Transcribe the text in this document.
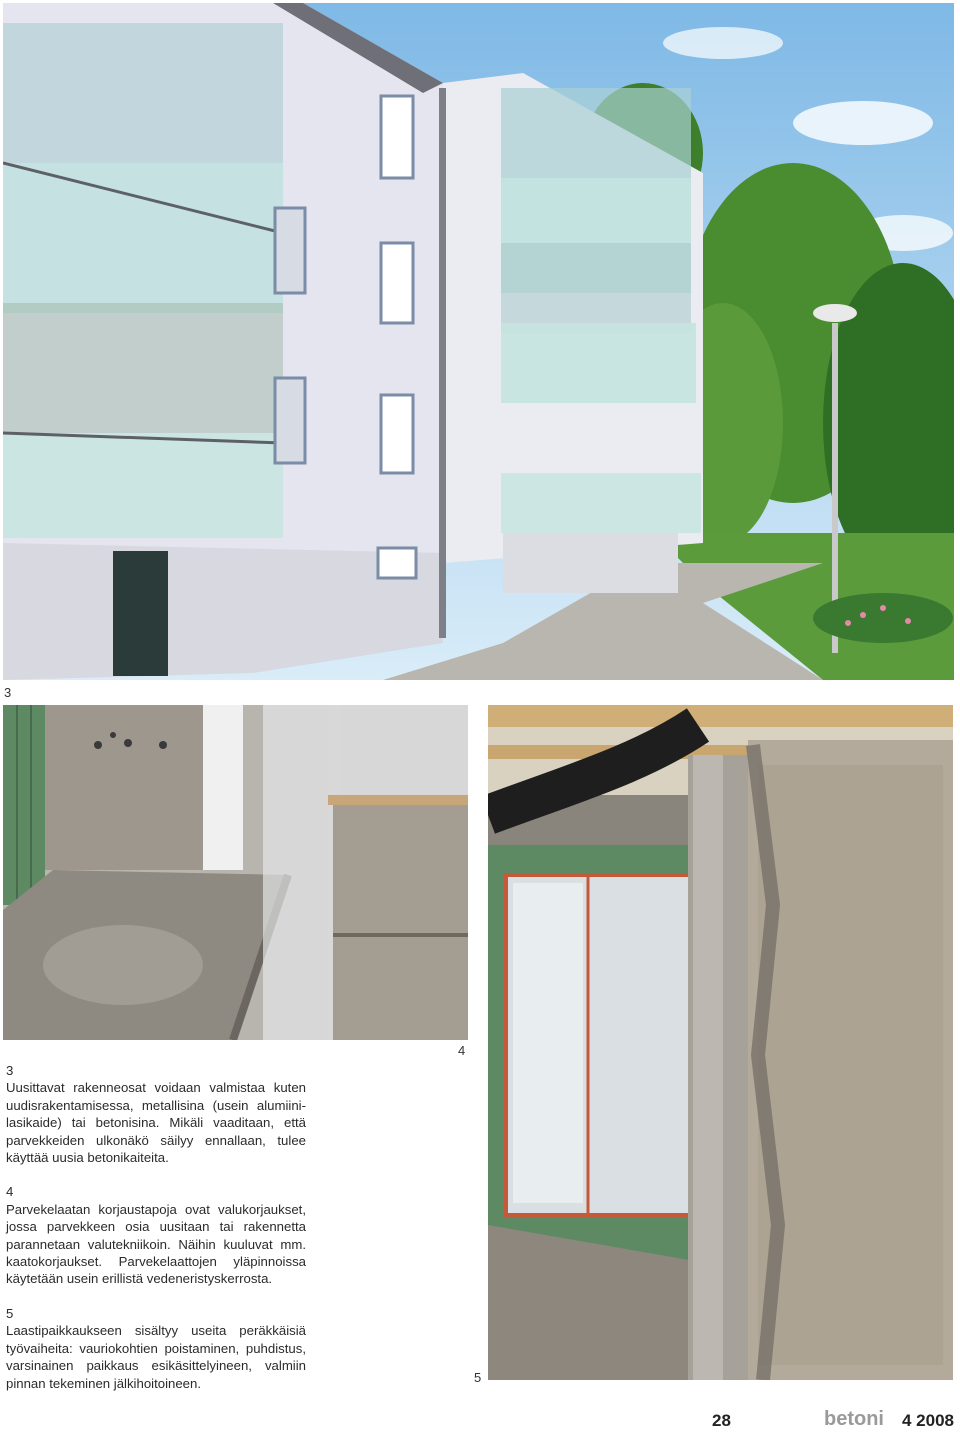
3
4
5
3
Uusittavat rakenneosat voidaan valmistaa kuten uudisrakentamisessa, metallisina (usein alumiini-lasikaide) tai betonisina. Mikäli vaaditaan, että parvekkeiden ulkonäkö säilyy ennallaan, tulee käyttää uusia betonikaiteita.
4
Parvekelaatan korjaustapoja ovat valukorjaukset, jossa parvekkeen osia uusitaan tai rakennetta parannetaan valutekniikoin. Näihin kuuluvat mm. kaatokorjaukset. Parvekelaattojen yläpinnoissa käytetään usein erillistä vedeneristyskerrosta.
5
Laastipaikkaukseen sisältyy useita peräkkäisiä työvaiheita: vauriokohtien poistaminen, puhdistus, varsinainen paikkaus esikäsittelyineen, valmiin pinnan tekeminen jälkihoitoineen.
28	betoni 4 2008
